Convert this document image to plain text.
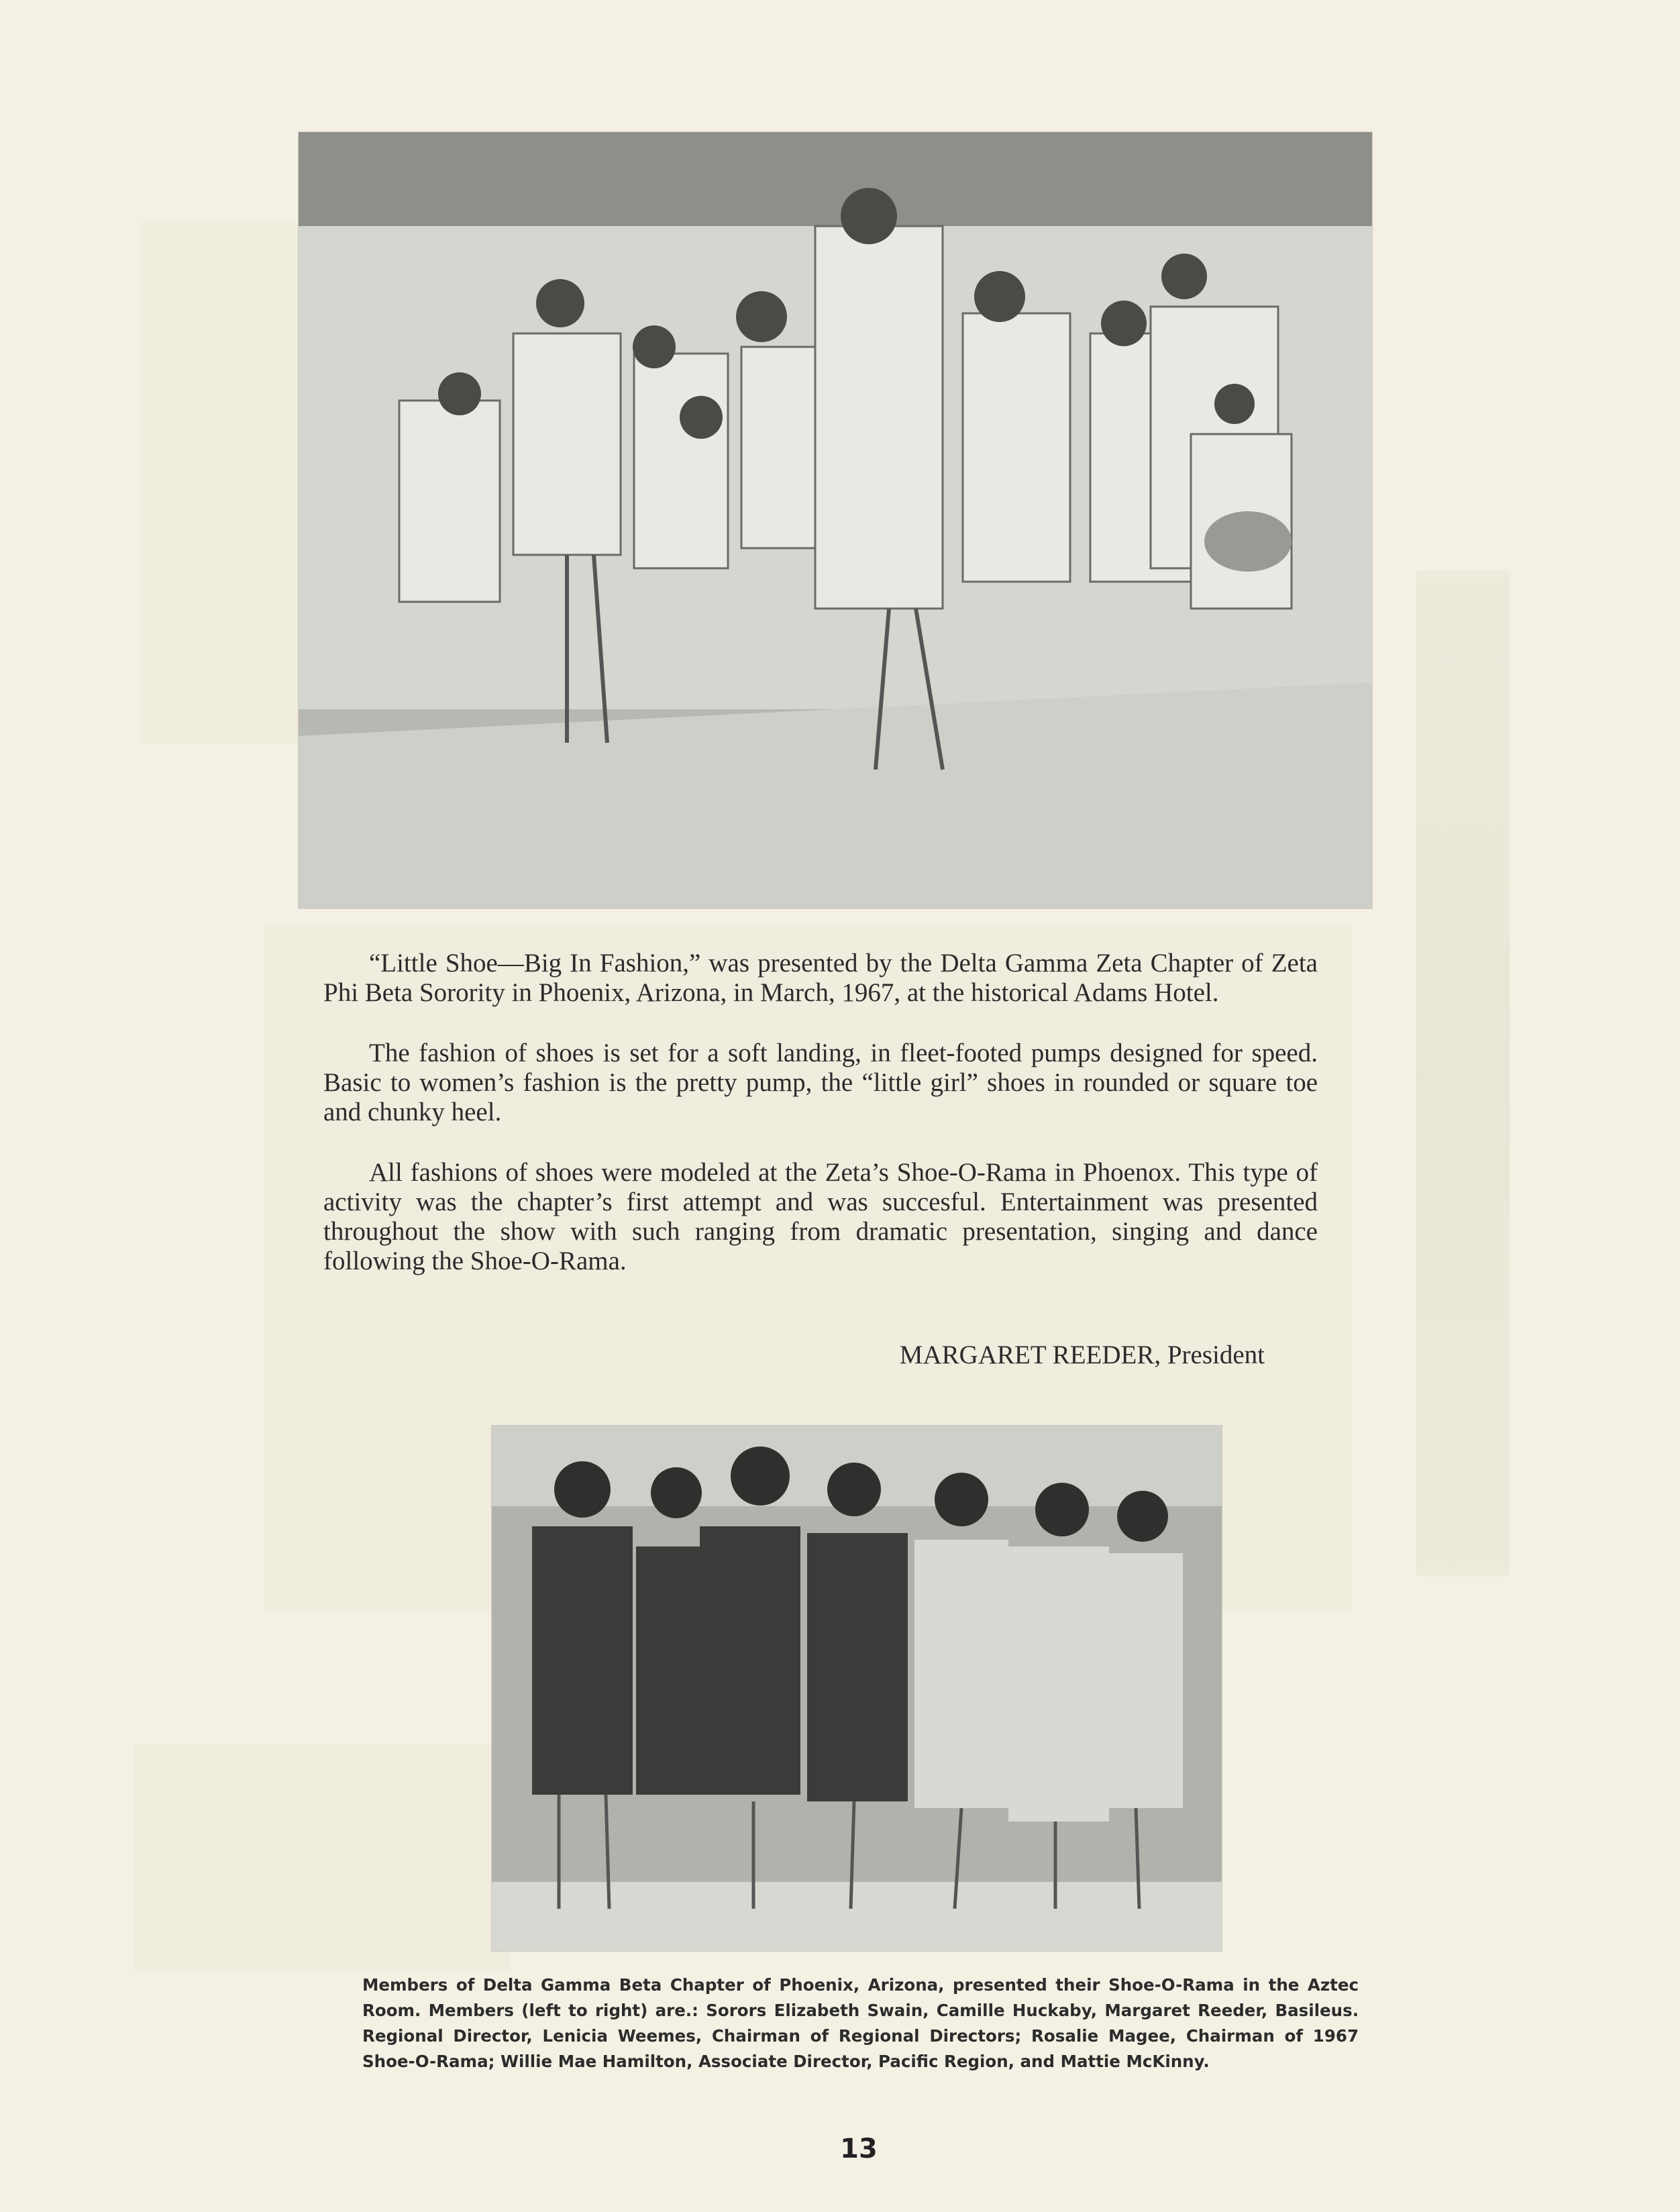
“Little Shoe—Big In Fashion,” was presented by the Delta Gamma Zeta Chapter of Zeta Phi Beta Sorority in Phoenix, Arizona, in March, 1967, at the historical Adams Hotel.

The fashion of shoes is set for a soft landing, in fleet-footed pumps designed for speed. Basic to women’s fashion is the pretty pump, the “little girl” shoes in rounded or square toe and chunky heel.

All fashions of shoes were modeled at the Zeta’s Shoe-O-Rama in Phoenox. This type of activity was the chapter’s first attempt and was succesful. Entertainment was presented throughout the show with such ranging from dramatic presentation, singing and dance following the Shoe-O-Rama.

MARGARET REEDER, President
Members of Delta Gamma Beta Chapter of Phoenix, Arizona, presented their Shoe-O-Rama in the Aztec Room. Members (left to right) are.: Sorors Elizabeth Swain, Camille Huckaby, Margaret Reeder, Basileus. Regional Director, Lenicia Weemes, Chairman of Regional Directors; Rosalie Magee, Chairman of 1967 Shoe-O-Rama; Willie Mae Hamilton, Associate Director, Pacific Region, and Mattie McKinny.
13
